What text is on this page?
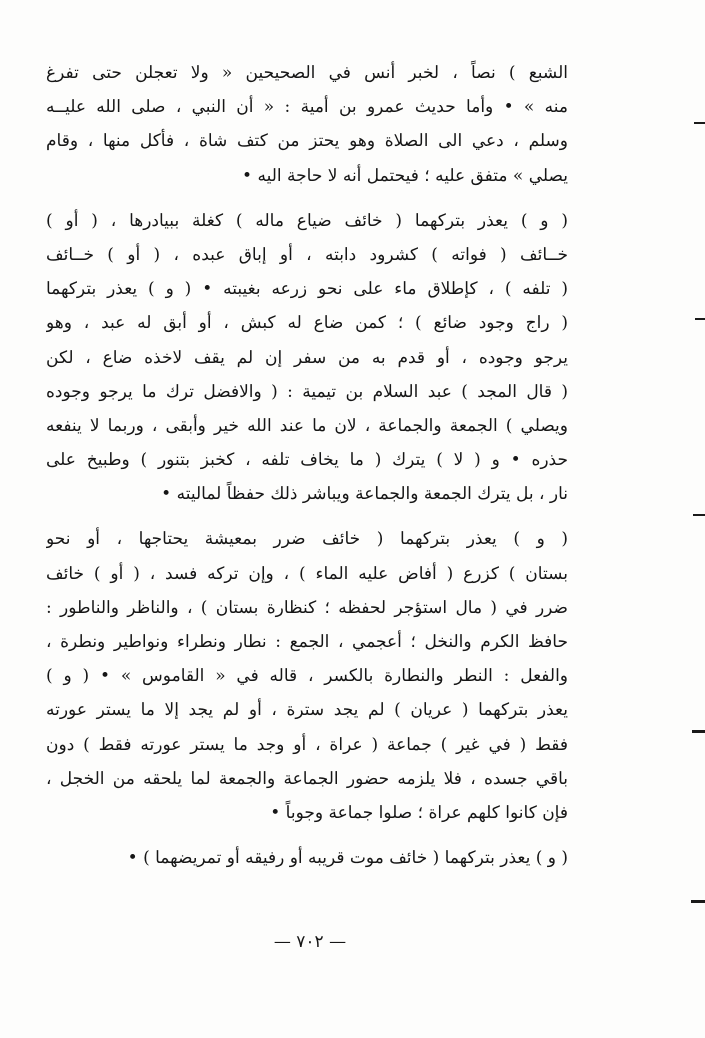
الشبع ) نصاً ، لخبر أنس في الصحيحين « ولا تعجلن حتى تفرغ
منه » • وأما حديث عمرو بن أمية : « أن النبي ، صلى الله عليــه
وسلم ، دعي الى الصلاة وهو يحتز من كتف شاة ، فأكل منها ، وقام
يصلي » متفق عليه ؛ فيحتمل أنه لا حاجة اليه •
( و ) يعذر بتركهما ( خائف ضياع ماله ) كغلة ببيادرها ، ( أو )
خــائف ( فواته ) كشرود دابته ، أو إباق عبده ، ( أو ) خــائف
( تلفه ) ، كإطلاق ماء على نحو زرعه بغيبته • ( و ) يعذر بتركهما
( راج وجود ضائع ) ؛ كمن ضاع له كبش ، أو أبق له عبد ، وهو
يرجو وجوده ، أو قدم به من سفر إن لم يقف لاخذه ضاع ، لكن
( قال المجد ) عبد السلام بن تيمية : ( والافضل ترك ما يرجو وجوده
ويصلي ) الجمعة والجماعة ، لان ما عند الله خير وأبقى ، وربما لا ينفعه
حذره • و ( لا ) يترك ( ما يخاف تلفه ، كخبز بتنور ) وطبيخ على
نار ، بل يترك الجمعة والجماعة ويباشر ذلك حفظاً لماليته •
( و ) يعذر بتركهما ( خائف ضرر بمعيشة يحتاجها ، أو نحو
بستان ) كزرع ( أفاض عليه الماء ) ، وإن تركه فسد ، ( أو ) خائف
ضرر في ( مال استؤجر لحفظه ؛ كنظارة بستان ) ، والناظر والناطور :
حافظ الكرم والنخل ؛ أعجمي ، الجمع : نطار ونطراء ونواطير ونطرة ،
والفعل : النطر والنطارة بالكسر ، قاله في « القاموس » • ( و )
يعذر بتركهما ( عريان ) لم يجد سترة ، أو لم يجد إلا ما يستر عورته
فقط ( في غير ) جماعة ( عراة ، أو وجد ما يستر عورته فقط ) دون
باقي جسده ، فلا يلزمه حضور الجماعة والجمعة لما يلحقه من الخجل ،
فإن كانوا كلهم عراة ؛ صلوا جماعة وجوباً •
( و ) يعذر بتركهما ( خائف موت قريبه أو رفيقه أو تمريضهما ) •
— ٧٠٢ —
